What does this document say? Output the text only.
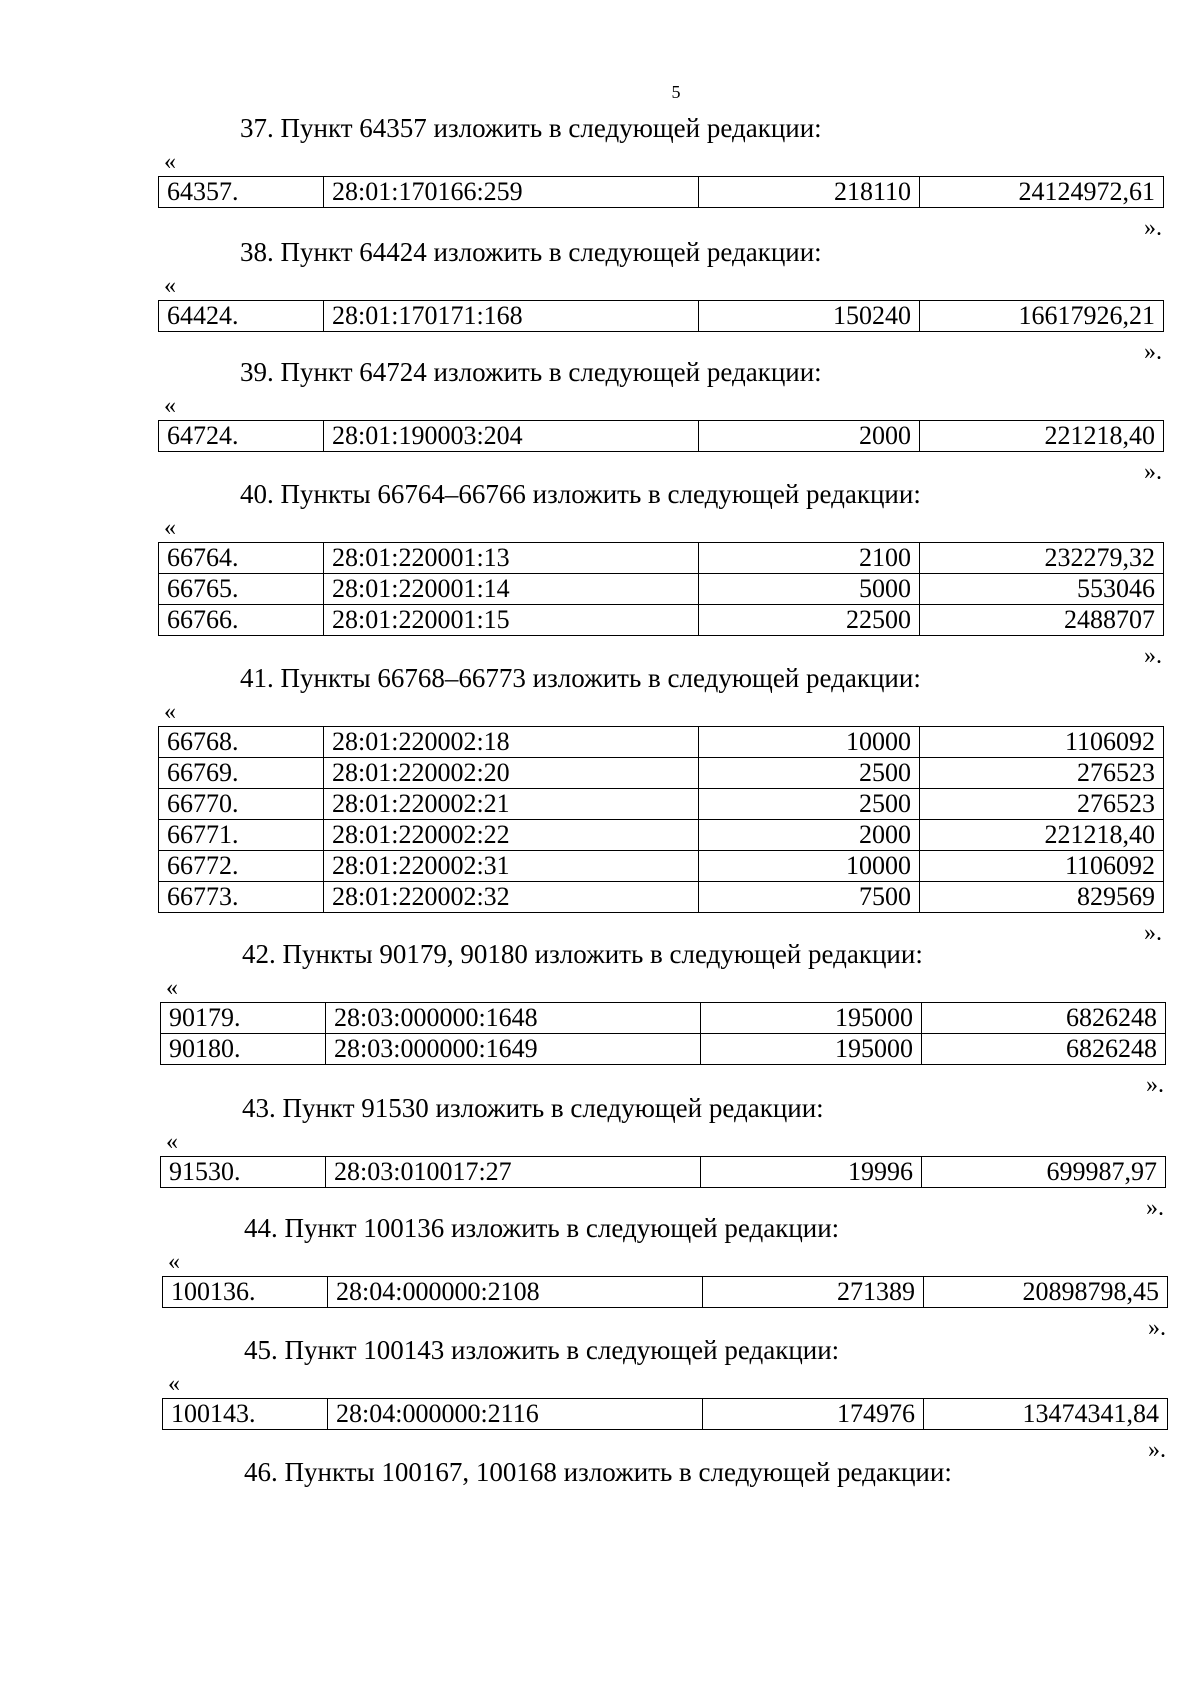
5
37. Пункт 64357 изложить в следующей редакции:
«
64357.	28:01:170166:259	218110	24124972,61
».
38. Пункт 64424 изложить в следующей редакции:
«
64424.	28:01:170171:168	150240	16617926,21
».
39. Пункт 64724 изложить в следующей редакции:
«
64724.	28:01:190003:204	2000	221218,40
».
40. Пункты 66764–66766 изложить в следующей редакции:
«
66764.	28:01:220001:13	2100	232279,32
66765.	28:01:220001:14	5000	553046
66766.	28:01:220001:15	22500	2488707
».
41. Пункты 66768–66773 изложить в следующей редакции:
«
66768.	28:01:220002:18	10000	1106092
66769.	28:01:220002:20	2500	276523
66770.	28:01:220002:21	2500	276523
66771.	28:01:220002:22	2000	221218,40
66772.	28:01:220002:31	10000	1106092
66773.	28:01:220002:32	7500	829569
».
42. Пункты 90179, 90180 изложить в следующей редакции:
«
90179.	28:03:000000:1648	195000	6826248
90180.	28:03:000000:1649	195000	6826248
».
43. Пункт 91530 изложить в следующей редакции:
«
91530.	28:03:010017:27	19996	699987,97
».
44. Пункт 100136 изложить в следующей редакции:
«
100136.	28:04:000000:2108	271389	20898798,45
».
45. Пункт 100143 изложить в следующей редакции:
«
100143.	28:04:000000:2116	174976	13474341,84
».
46. Пункты 100167, 100168 изложить в следующей редакции:
